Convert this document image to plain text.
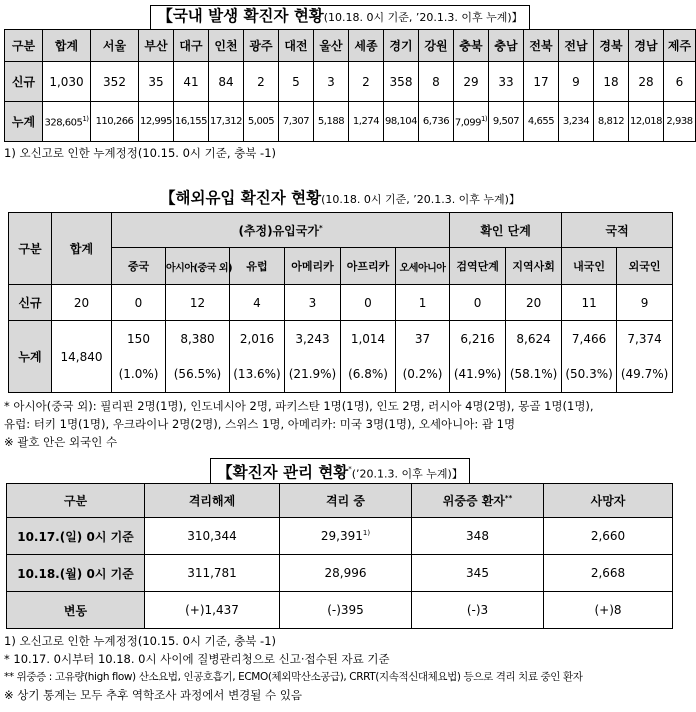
【국내 발생 확진자 현황(10.18. 0시 기준, ’20.1.3. 이후 누계)】
구분	합계	서울	부산	대구	인천	광주	대전	울산	세종	경기	강원	충북	충남	전북	전남	경북	경남	제주
신규	1,030	352	35	41	84	2	5	3	2	358	8	29	33	17	9	18	28	6
누계	328,605$^{1)}$	110,266	12,995	16,155	17,312	5,005	7,307	5,188	1,274	98,104	6,736	7,099$^{1)}$	9,507	4,655	3,234	8,812	12,018	2,938
1) 오신고로 인한 누계정정(10.15. 0시 기준, 충북 -1)
【해외유입 확진자 현황(10.18. 0시 기준, ’20.1.3. 이후 누계)】
구분	합계	(추정)유입국가*						확인 단계		국적	
		중국	아시아(중국 외)	유럽	아메리카	아프리카	오세아니아	검역단계	지역사회	내국인	외국인
신규	20	0	12	4	3	0	1	0	20	11	9
누계	14,840	150	8,380	2,016	3,243	1,014	37	6,216	8,624	7,466	7,374
		(1.0%)	(56.5%)	(13.6%)	(21.9%)	(6.8%)	(0.2%)	(41.9%)	(58.1%)	(50.3%)	(49.7%)
* 아시아(중국 외): 필리핀 2명(1명), 인도네시아 2명, 파키스탄 1명(1명), 인도 2명, 러시아 4명(2명), 몽골 1명(1명),
유럽: 터키 1명(1명), 우크라이나 2명(2명), 스위스 1명, 아메리카: 미국 3명(1명), 오세아니아: 괌 1명
※ 괄호 안은 외국인 수
【확진자 관리 현황*(’20.1.3. 이후 누계)】
구분	격리해제	격리 중	위중증 환자**	사망자
10.17.(일) 0시 기준	310,344	29,391$^{1)}$	348	2,660
10.18.(월) 0시 기준	311,781	28,996	345	2,668
변동	(+)1,437	(-)395	(-)3	(+)8
1) 오신고로 인한 누계정정(10.15. 0시 기준, 충북 -1)
* 10.17. 0시부터 10.18. 0시 사이에 질병관리청으로 신고·접수된 자료 기준
** 위중증 : 고유량(high flow) 산소요법, 인공호흡기, ECMO(체외막산소공급), CRRT(지속적신대체요법) 등으로 격리 치료 중인 환자
※ 상기 통계는 모두 추후 역학조사 과정에서 변경될 수 있음
